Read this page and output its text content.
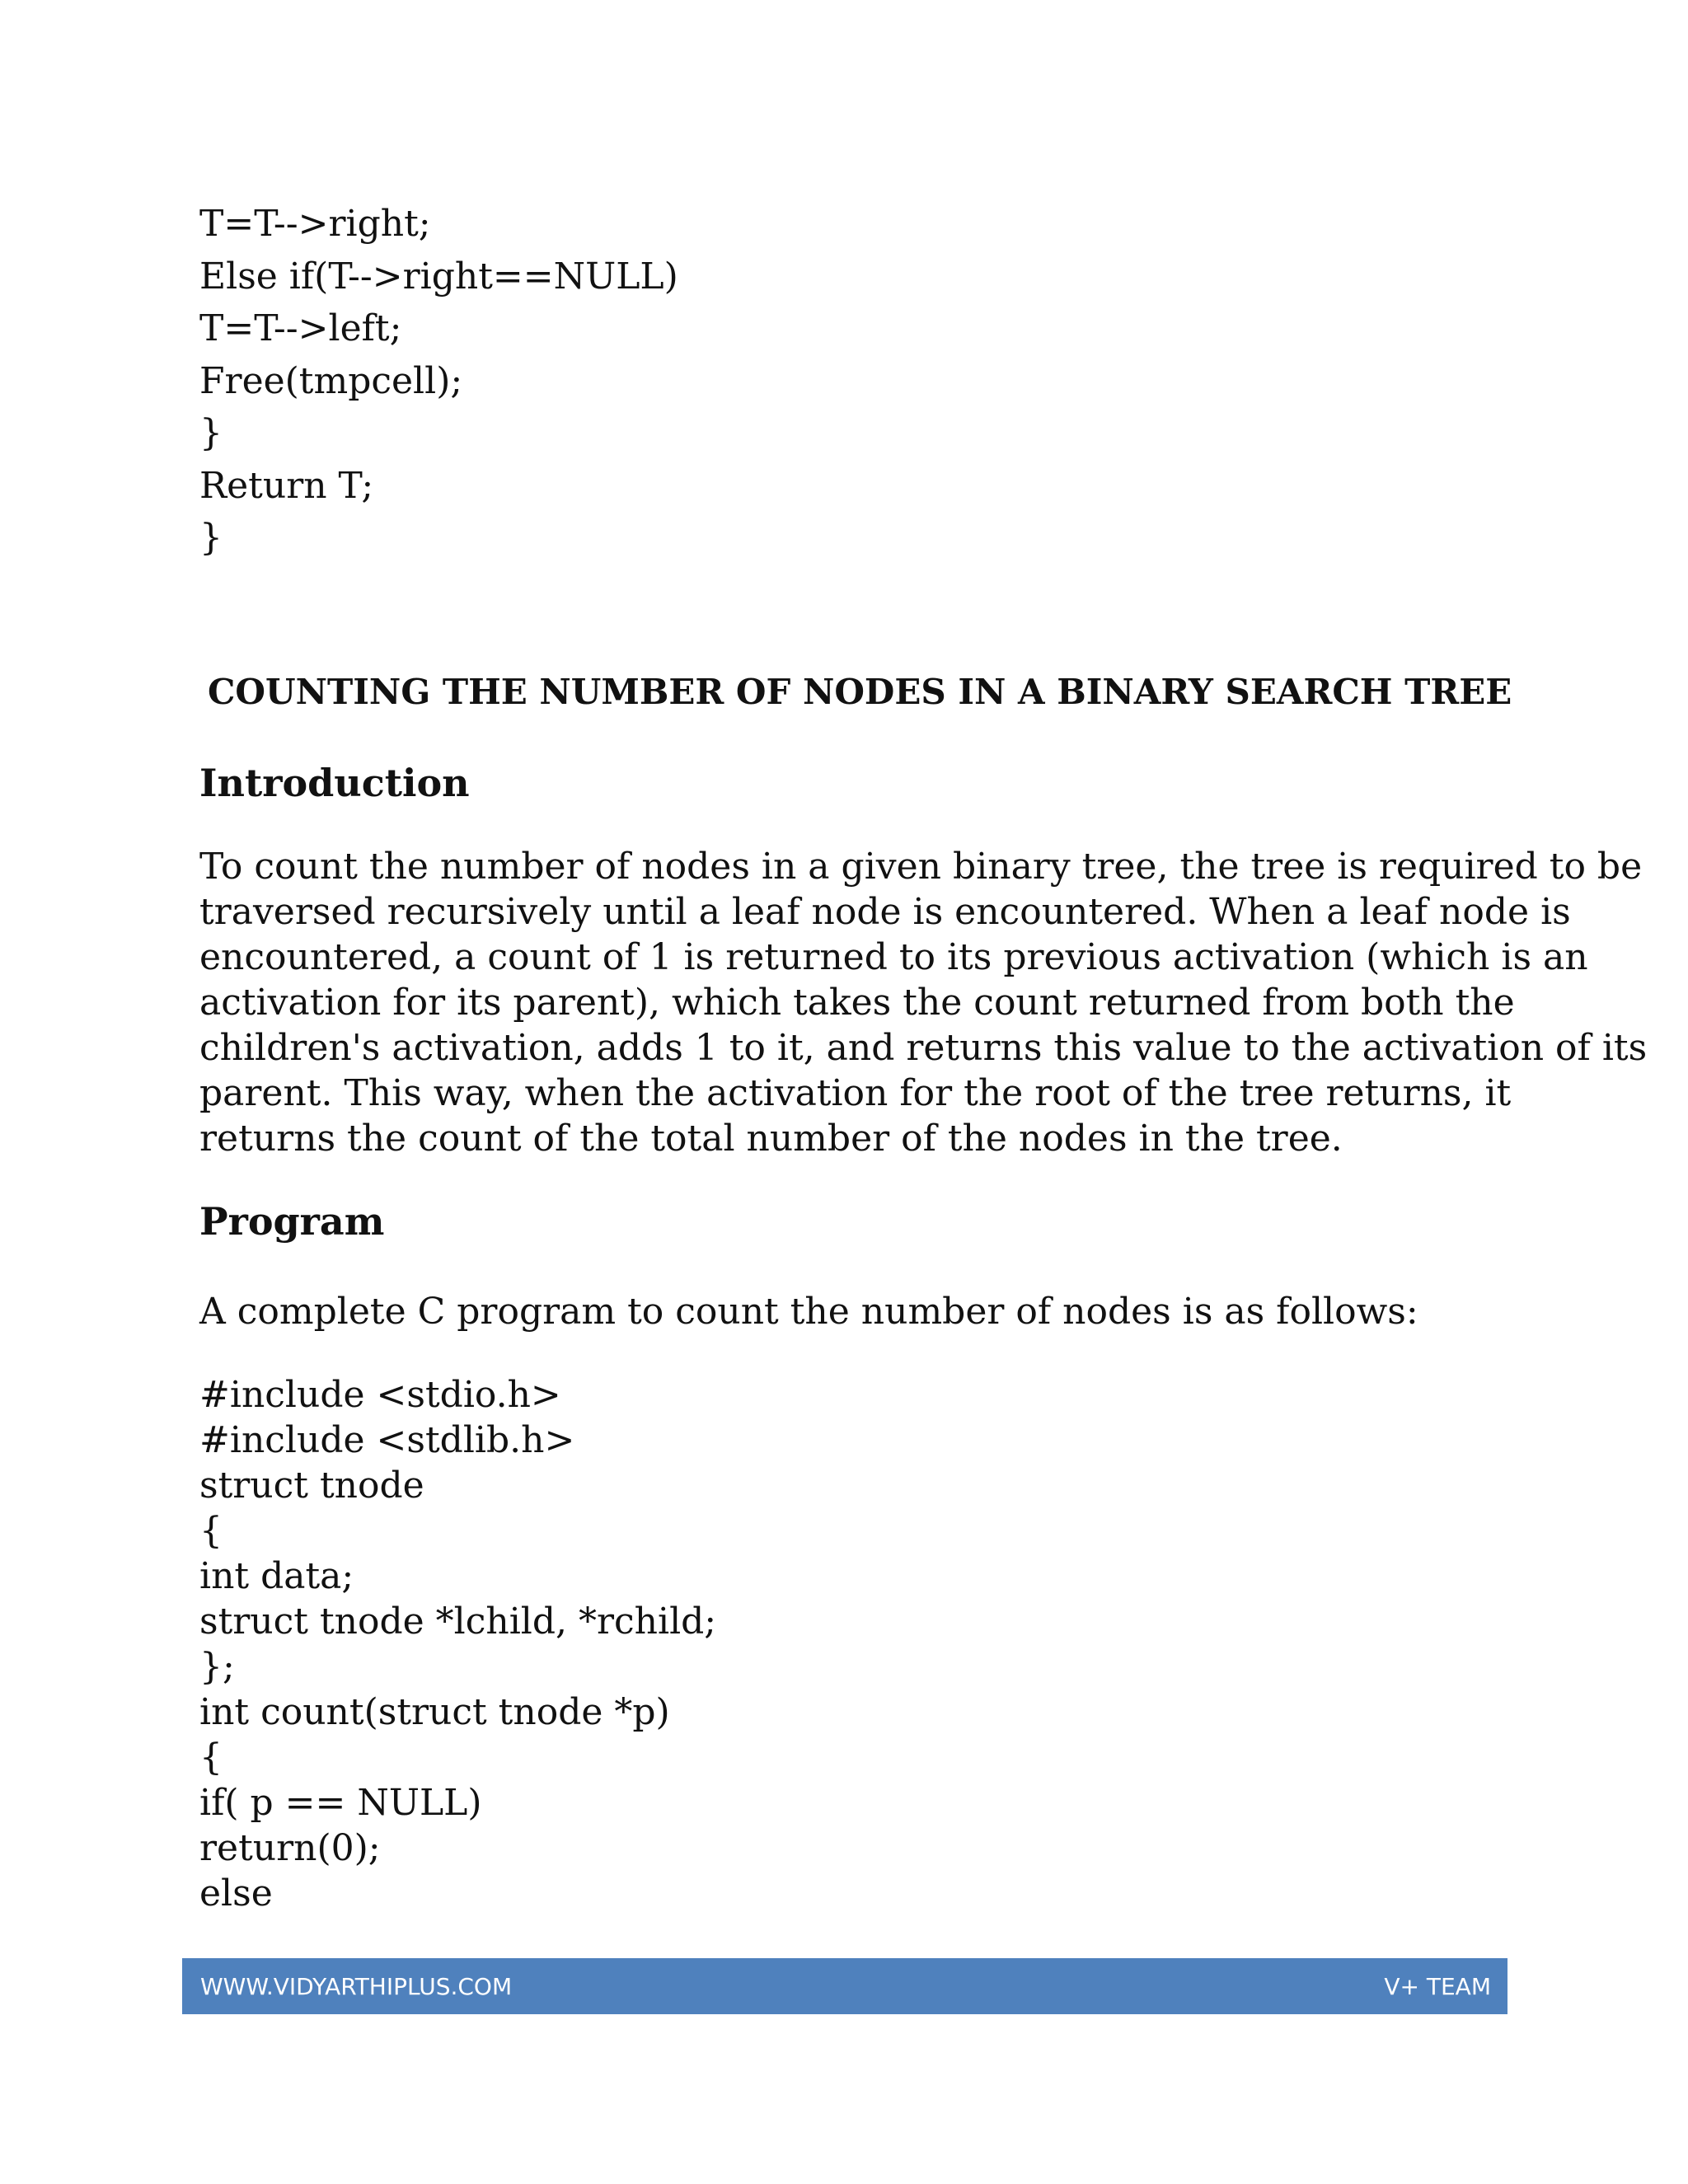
T=T-->right;
Else if(T-->right==NULL)
T=T-->left;
Free(tmpcell);
}
Return T;
}
COUNTING THE NUMBER OF NODES IN A BINARY SEARCH TREE
Introduction

To count the number of nodes in a given binary tree, the tree is required to be
traversed recursively until a leaf node is encountered. When a leaf node is
encountered, a count of 1 is returned to its previous activation (which is an
activation for its parent), which takes the count returned from both the
children's activation, adds 1 to it, and returns this value to the activation of its
parent. This way, when the activation for the root of the tree returns, it
returns the count of the total number of the nodes in the tree.

Program

A complete C program to count the number of nodes is as follows:

#include <stdio.h>
#include <stdlib.h>
struct tnode
{
int data;
struct tnode *lchild, *rchild;
};
int count(struct tnode *p)
{
if( p == NULL)
return(0);
else
WWW.VIDYARTHIPLUS.COM	V+ TEAM
